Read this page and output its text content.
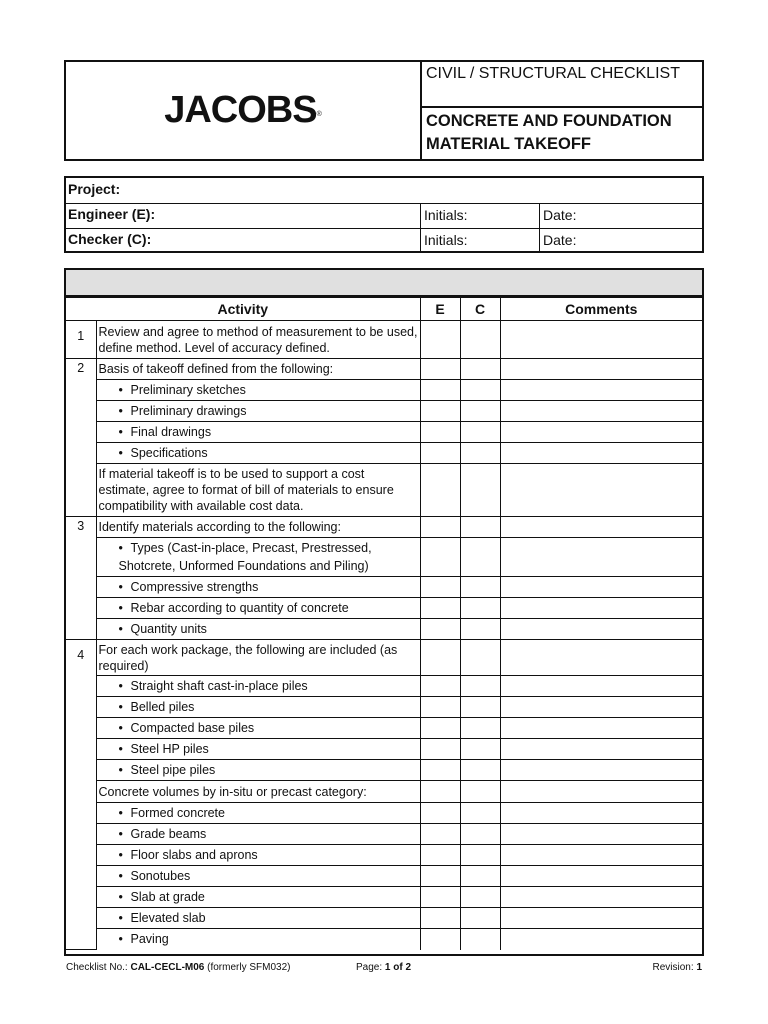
JACOBS ®
CIVIL / STRUCTURAL CHECKLIST
CONCRETE AND FOUNDATION MATERIAL TAKEOFF
Project:
Engineer (E):	Initials:	Date:
Checker (C):	Initials:	Date:
Activity		E	C	Comments
1	Review and agree to method of measurement to be used, define method. Level of accuracy defined.			
2	Basis of takeoff defined from the following:			
	• Preliminary sketches			
	• Preliminary drawings			
	• Final drawings			
	• Specifications			
	If material takeoff is to be used to support a cost estimate, agree to format of bill of materials to ensure compatibility with available cost data.			
3	Identify materials according to the following:			
	• Types (Cast-in-place, Precast, Prestressed, Shotcrete, Unformed Foundations and Piling)			
	• Compressive strengths			
	• Rebar according to quantity of concrete			
	• Quantity units			
4	For each work package, the following are included (as required)			
	• Straight shaft cast-in-place piles			
	• Belled piles			
	• Compacted base piles			
	• Steel HP piles			
	• Steel pipe piles			
	Concrete volumes by in-situ or precast category:			
	• Formed concrete			
	• Grade beams			
	• Floor slabs and aprons			
	• Sonotubes			
	• Slab at grade			
	• Elevated slab			
	• Paving			
Checklist No.: CAL-CECL-M06 (formerly SFM032)	Page: 1 of 2	Revision: 1
